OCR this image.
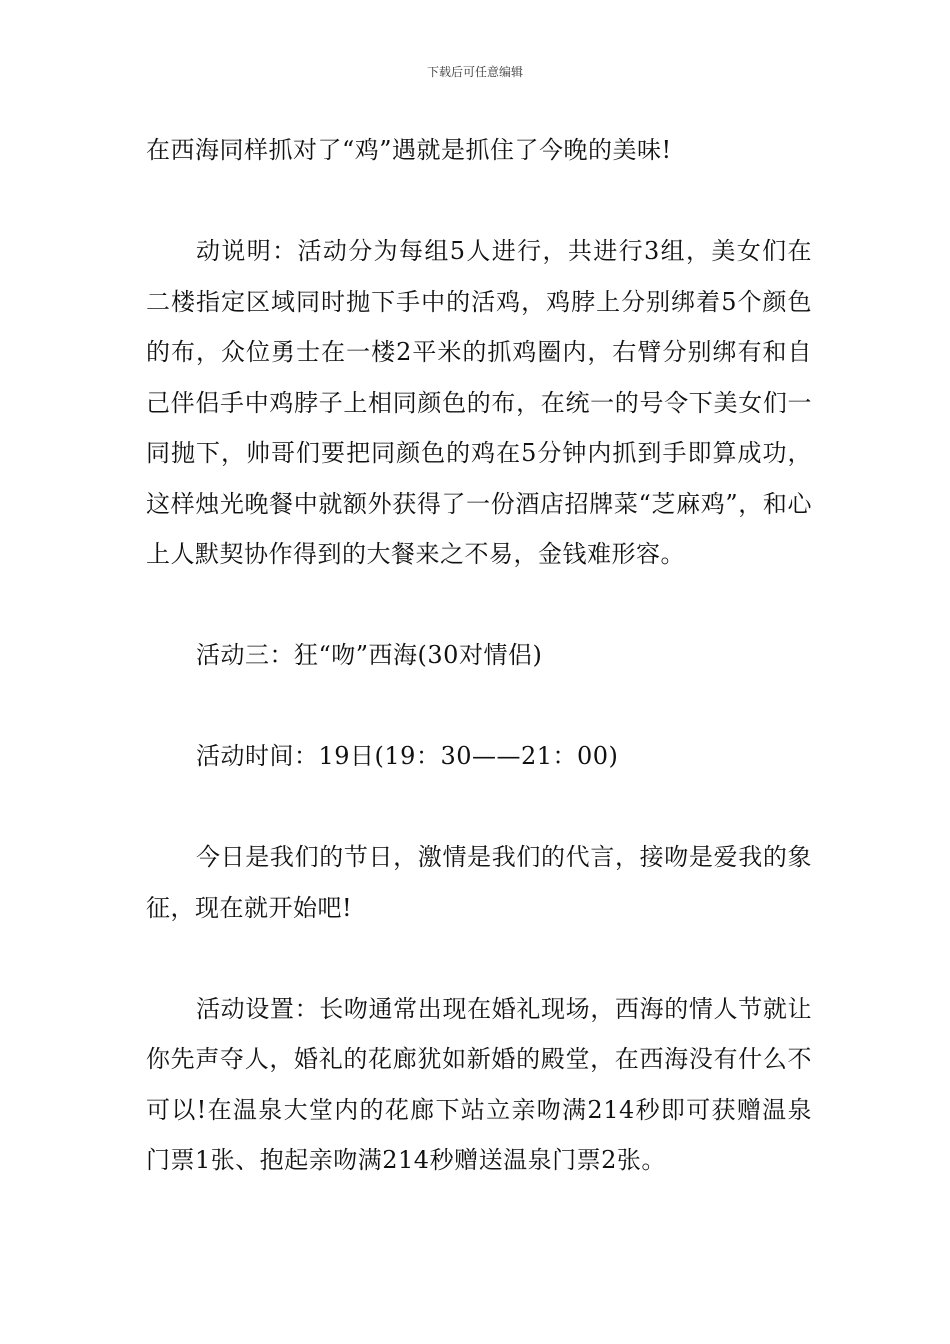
下载后可任意编辑

在西海同样抓对了“鸡”遇就是抓住了今晚的美味!

动说明：活动分为每组5人进行，共进行3组，美女们在二楼指定区域同时抛下手中的活鸡，鸡脖上分别绑着5个颜色的布，众位勇士在一楼2平米的抓鸡圈内，右臂分别绑有和自己伴侣手中鸡脖子上相同颜色的布，在统一的号令下美女们一同抛下，帅哥们要把同颜色的鸡在5分钟内抓到手即算成功，这样烛光晚餐中就额外获得了一份酒店招牌菜“芝麻鸡”，和心上人默契协作得到的大餐来之不易，金钱难形容。

活动三：狂“吻”西海(30对情侣)

活动时间：19日(19：30——21：00)

今日是我们的节日，激情是我们的代言，接吻是爱我的象征，现在就开始吧!

活动设置：长吻通常出现在婚礼现场，西海的情人节就让你先声夺人，婚礼的花廊犹如新婚的殿堂，在西海没有什么不可以!在温泉大堂内的花廊下站立亲吻满214秒即可获赠温泉门票1张、抱起亲吻满214秒赠送温泉门票2张。
